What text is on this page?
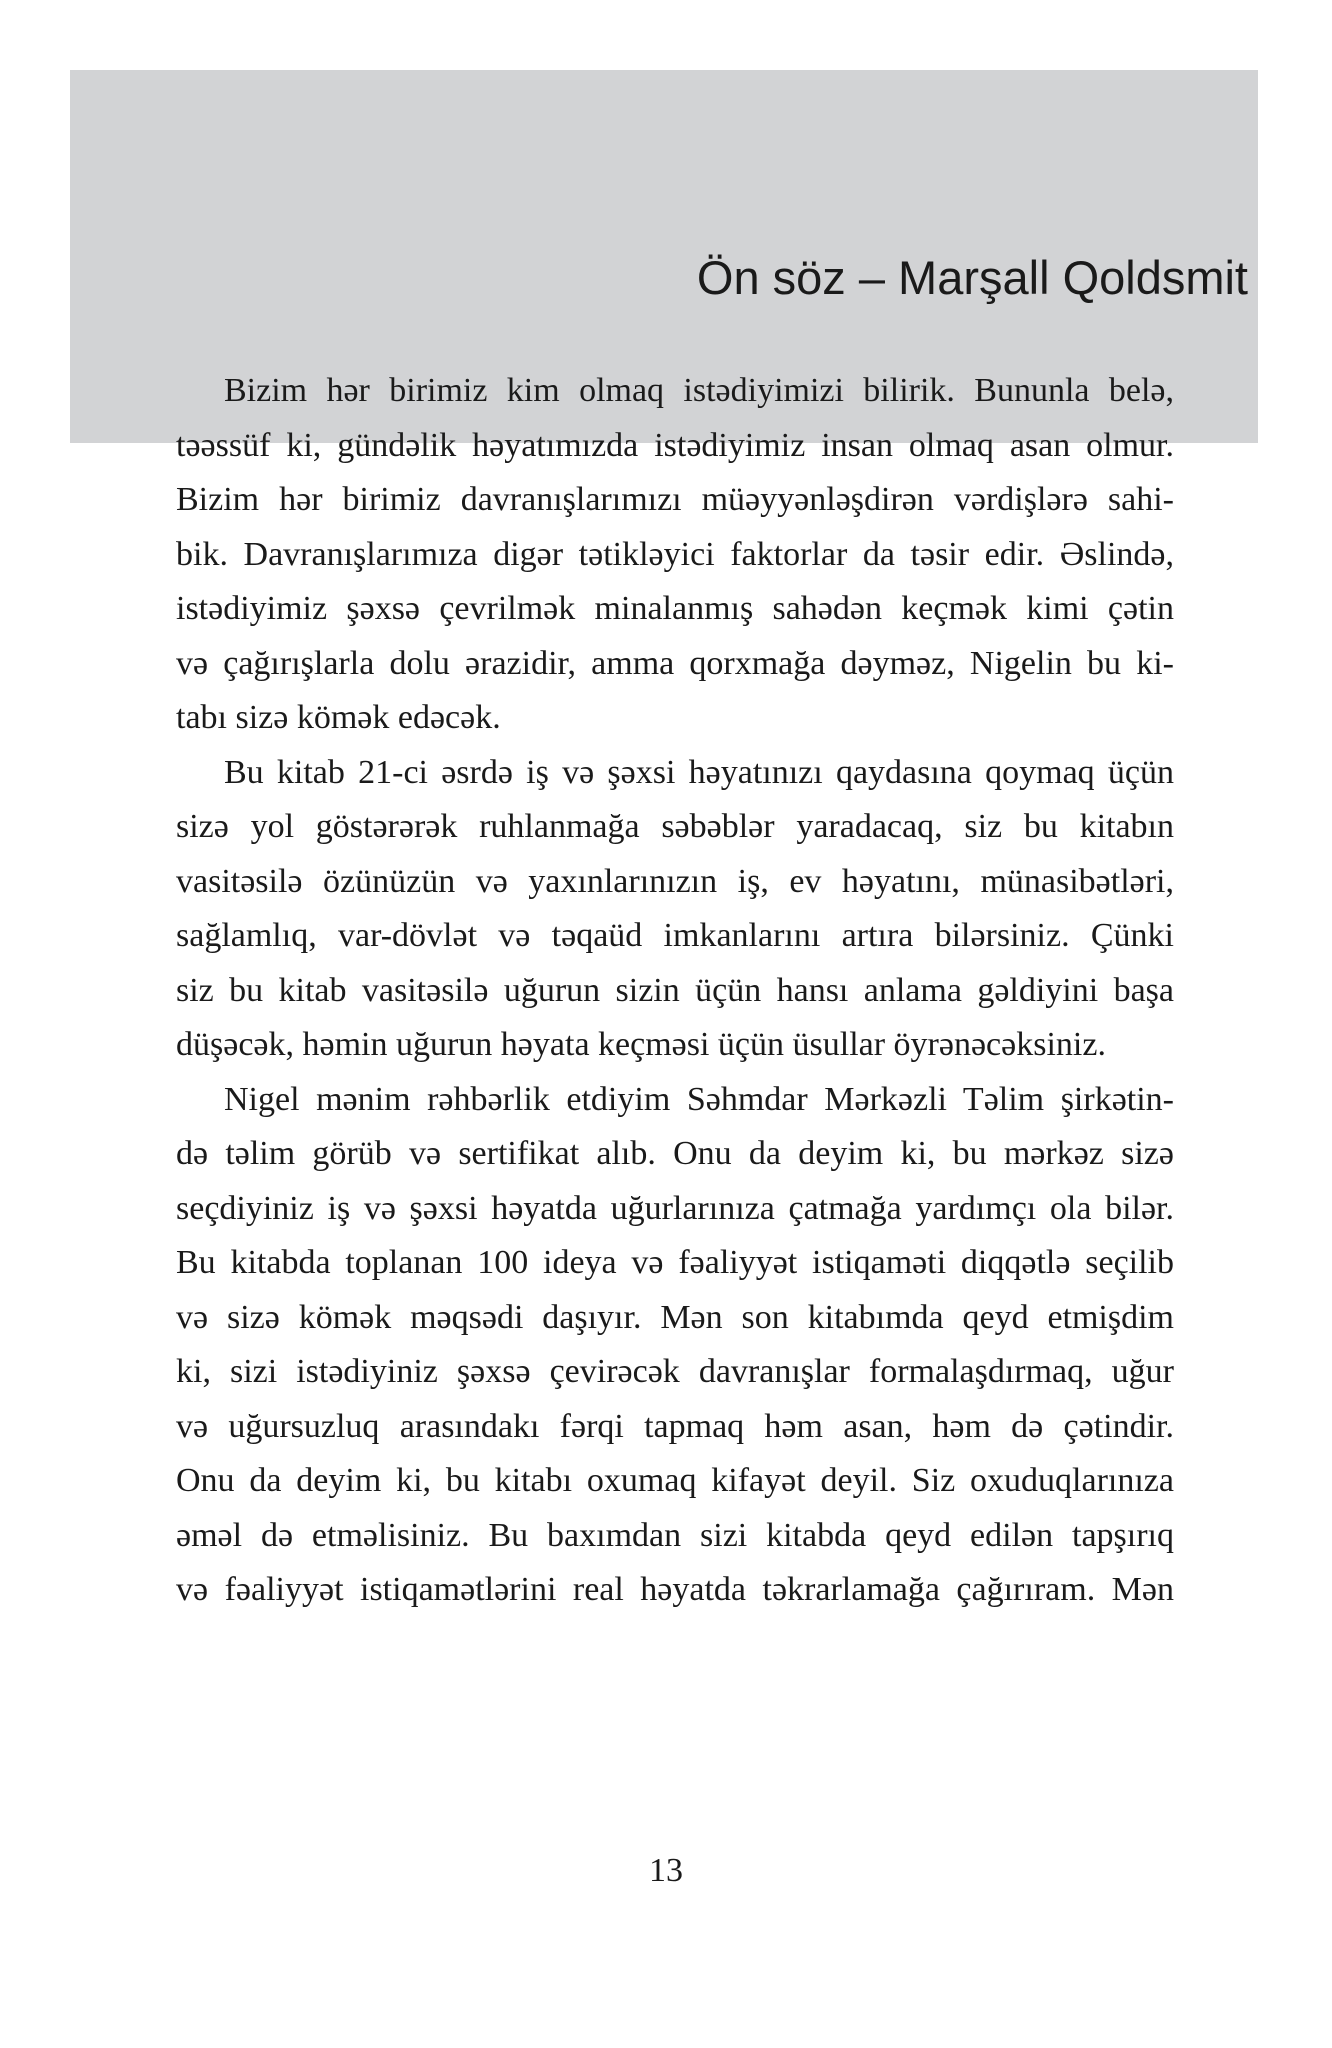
Ön söz – Marşall Qoldsmit

Bizim hər birimiz kim olmaq istədiyimizi bilirik. Bununla belə,
təəssüf ki, gündəlik həyatımızda istədiyimiz insan olmaq asan olmur.
Bizim hər birimiz davranışlarımızı müəyyənləşdirən vərdişlərə sahi-
bik. Davranışlarımıza digər tətikləyici faktorlar da təsir edir. Əslində,
istədiyimiz şəxsə çevrilmək minalanmış sahədən keçmək kimi çətin
və çağırışlarla dolu ərazidir, amma qorxmağa dəyməz, Nigelin bu ki-
tabı sizə kömək edəcək.

Bu kitab 21-ci əsrdə iş və şəxsi həyatınızı qaydasına qoymaq üçün
sizə yol göstərərək ruhlanmağa səbəblər yaradacaq, siz bu kitabın
vasitəsilə özünüzün və yaxınlarınızın iş, ev həyatını, münasibətləri,
sağlamlıq, var-dövlət və təqaüd imkanlarını artıra bilərsiniz. Çünki
siz bu kitab vasitəsilə uğurun sizin üçün hansı anlama gəldiyini başa
düşəcək, həmin uğurun həyata keçməsi üçün üsullar öyrənəcəksiniz.

Nigel mənim rəhbərlik etdiyim Səhmdar Mərkəzli Təlim şirkətin-
də təlim görüb və sertifikat alıb. Onu da deyim ki, bu mərkəz sizə
seçdiyiniz iş və şəxsi həyatda uğurlarınıza çatmağa yardımçı ola bilər.
Bu kitabda toplanan 100 ideya və fəaliyyət istiqaməti diqqətlə seçilib
və sizə kömək məqsədi daşıyır. Mən son kitabımda qeyd etmişdim
ki, sizi istədiyiniz şəxsə çevirəcək davranışlar formalaşdırmaq, uğur
və uğursuzluq arasındakı fərqi tapmaq həm asan, həm də çətindir.
Onu da deyim ki, bu kitabı oxumaq kifayət deyil. Siz oxuduqlarınıza
əməl də etməlisiniz. Bu baxımdan sizi kitabda qeyd edilən tapşırıq
və fəaliyyət istiqamətlərini real həyatda təkrarlamağa çağırıram. Mən

13
